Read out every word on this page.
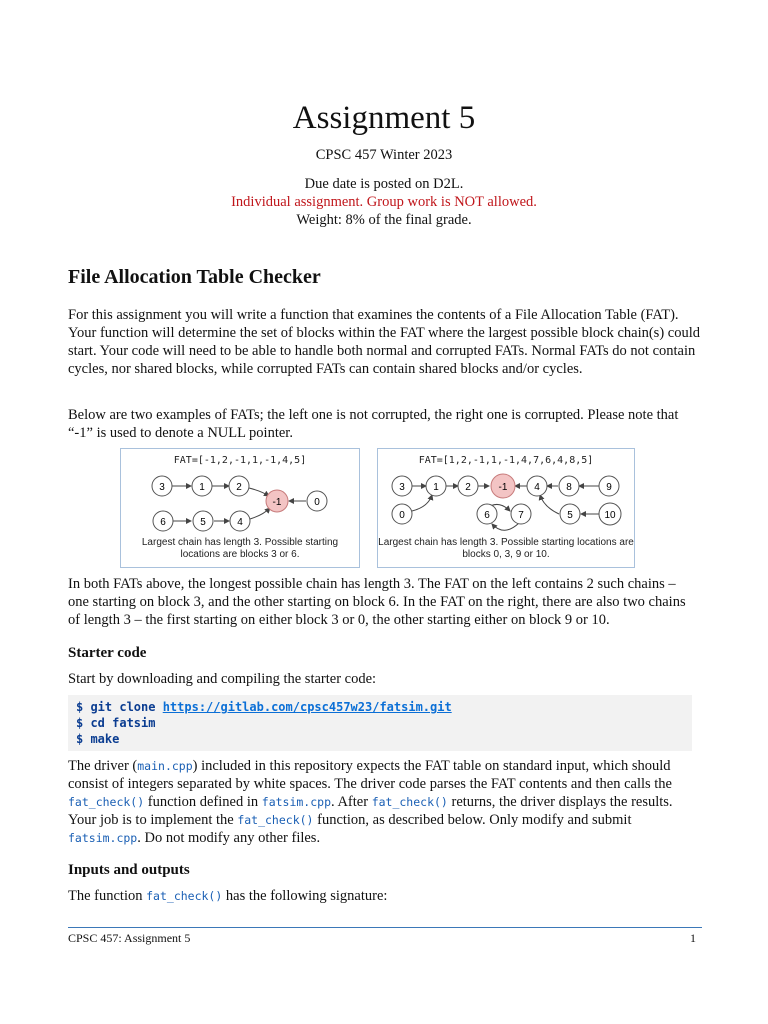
Assignment 5
CPSC 457 Winter 2023
Due date is posted on D2L.
Individual assignment. Group work is NOT allowed.
Weight: 8% of the final grade.
File Allocation Table Checker

For this assignment you will write a function that examines the contents of a File Allocation Table (FAT). Your function will determine the set of blocks within the FAT where the largest possible block chain(s) could start. Your code will need to be able to handle both normal and corrupted FATs. Normal FATs do not contain cycles, nor shared blocks, while corrupted FATs can contain shared blocks and/or cycles.

Below are two examples of FATs; the left one is not corrupted, the right one is corrupted. Please note that “-1” is used to denote a NULL pointer.

FAT=[-1,2,-1,1,-1,4,5]
3	1	2
-1	0
6	5	4
Largest chain has length 3. Possible starting locations are blocks 3 or 6.
FAT=[1,2,-1,1,-1,4,7,6,4,8,5]
3	1	2	-1	4	8	9
0	6	7	5	10
Largest chain has length 3. Possible starting locations are blocks 0, 3, 9 or 10.

In both FATs above, the longest possible chain has length 3. The FAT on the left contains 2 such chains – one starting on block 3, and the other starting on block 6. In the FAT on the right, there are also two chains of length 3 – the first starting on either block 3 or 0, the other starting either on block 9 or 10.

Starter code

Start by downloading and compiling the starter code:

$ git clone https://gitlab.com/cpsc457w23/fatsim.git
$ cd fatsim
$ make

The driver (main.cpp) included in this repository expects the FAT table on standard input, which should consist of integers separated by white spaces. The driver code parses the FAT contents and then calls the fat_check() function defined in fatsim.cpp. After fat_check() returns, the driver displays the results. Your job is to implement the fat_check() function, as described below. Only modify and submit fatsim.cpp. Do not modify any other files.

Inputs and outputs

The function fat_check() has the following signature:

CPSC 457: Assignment 5	1
